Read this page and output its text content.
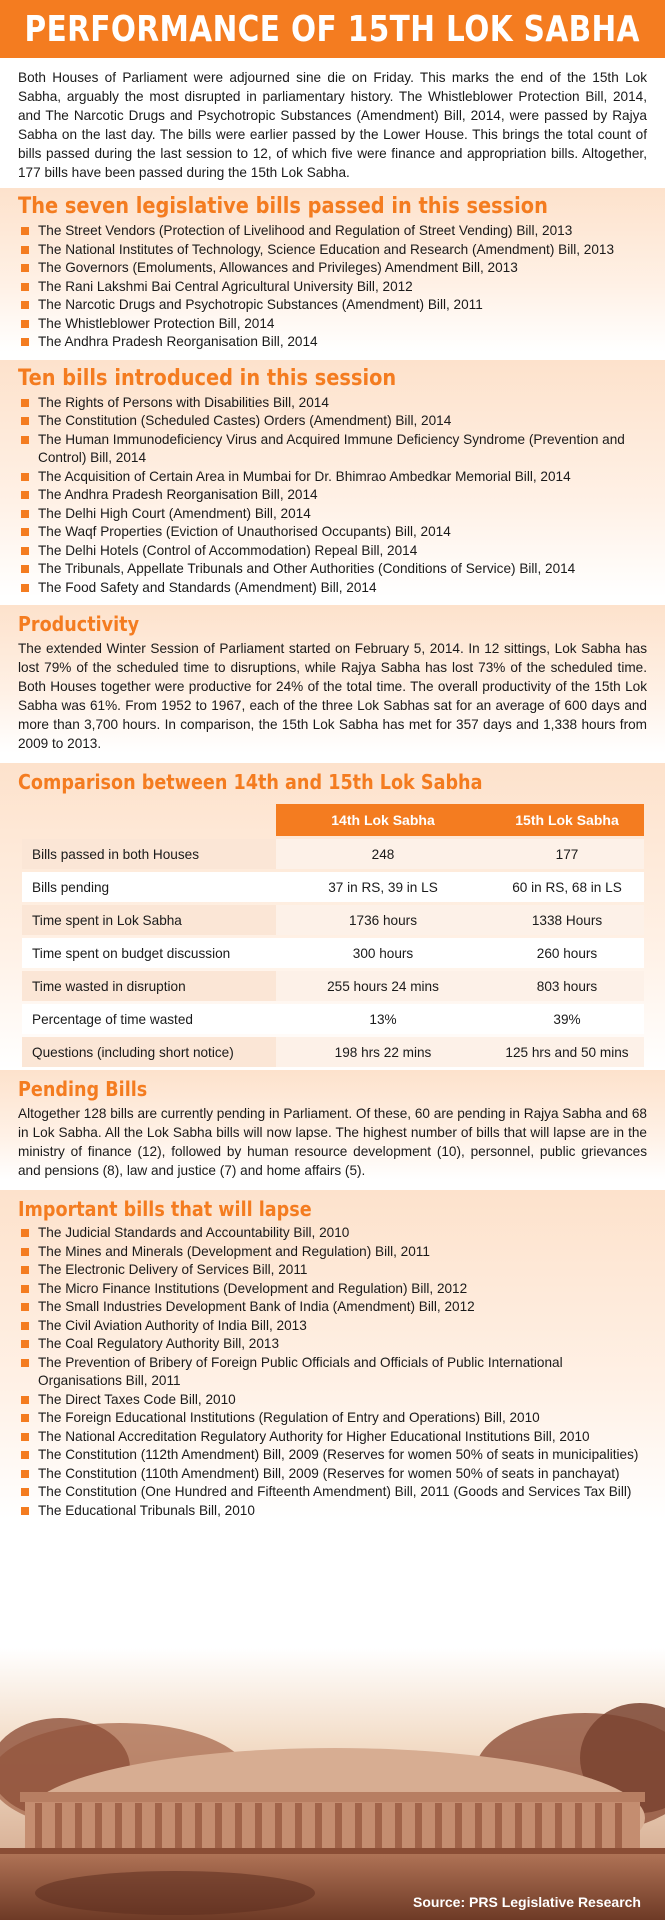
PERFORMANCE OF 15TH LOK SABHA

Both Houses of Parliament were adjourned sine die on Friday. This marks the end of the 15th Lok Sabha, arguably the most disrupted in parliamentary history. The Whistleblower Protection Bill, 2014, and The Narcotic Drugs and Psychotropic Substances (Amendment) Bill, 2014, were passed by Rajya Sabha on the last day. The bills were earlier passed by the Lower House. This brings the total count of bills passed during the last session to 12, of which five were finance and appropriation bills. Altogether, 177 bills have been passed during the 15th Lok Sabha.

The seven legislative bills passed in this session
The Street Vendors (Protection of Livelihood and Regulation of Street Vending) Bill, 2013
The National Institutes of Technology, Science Education and Research (Amendment) Bill, 2013
The Governors (Emoluments, Allowances and Privileges) Amendment Bill, 2013
The Rani Lakshmi Bai Central Agricultural University Bill, 2012
The Narcotic Drugs and Psychotropic Substances (Amendment) Bill, 2011
The Whistleblower Protection Bill, 2014
The Andhra Pradesh Reorganisation Bill, 2014
Ten bills introduced in this session
The Rights of Persons with Disabilities Bill, 2014
The Constitution (Scheduled Castes) Orders (Amendment) Bill, 2014
The Human Immunodeficiency Virus and Acquired Immune Deficiency Syndrome (Prevention and Control) Bill, 2014
The Acquisition of Certain Area in Mumbai for Dr. Bhimrao Ambedkar Memorial Bill, 2014
The Andhra Pradesh Reorganisation Bill, 2014
The Delhi High Court (Amendment) Bill, 2014
The Waqf Properties (Eviction of Unauthorised Occupants) Bill, 2014
The Delhi Hotels (Control of Accommodation) Repeal Bill, 2014
The Tribunals, Appellate Tribunals and Other Authorities (Conditions of Service) Bill, 2014
The Food Safety and Standards (Amendment) Bill, 2014
Productivity

The extended Winter Session of Parliament started on February 5, 2014. In 12 sittings, Lok Sabha has lost 79% of the scheduled time to disruptions, while Rajya Sabha has lost 73% of the scheduled time. Both Houses together were productive for 24% of the total time. The overall productivity of the 15th Lok Sabha was 61%. From 1952 to 1967, each of the three Lok Sabhas sat for an average of 600 days and more than 3,700 hours. In comparison, the 15th Lok Sabha has met for 357 days and 1,338 hours from 2009 to 2013.

Comparison between 14th and 15th Lok Sabha
	14th Lok Sabha	15th Lok Sabha
Bills passed in both Houses	248	177
Bills pending	37 in RS, 39 in LS	60 in RS, 68 in LS
Time spent in Lok Sabha	1736 hours	1338 Hours
Time spent on budget discussion	300 hours	260 hours
Time wasted in disruption	255 hours 24 mins	803 hours
Percentage of time wasted	13%	39%
Questions (including short notice)	198 hrs 22 mins	125 hrs and 50 mins
Pending Bills

Altogether 128 bills are currently pending in Parliament. Of these, 60 are pending in Rajya Sabha and 68 in Lok Sabha. All the Lok Sabha bills will now lapse. The highest number of bills that will lapse are in the ministry of finance (12), followed by human resource development (10), personnel, public grievances and pensions (8), law and justice (7) and home affairs (5).

Important bills that will lapse
The Judicial Standards and Accountability Bill, 2010
The Mines and Minerals (Development and Regulation) Bill, 2011
The Electronic Delivery of Services Bill, 2011
The Micro Finance Institutions (Development and Regulation) Bill, 2012
The Small Industries Development Bank of India (Amendment) Bill, 2012
The Civil Aviation Authority of India Bill, 2013
The Coal Regulatory Authority Bill, 2013
The Prevention of Bribery of Foreign Public Officials and Officials of Public International Organisations Bill, 2011
The Direct Taxes Code Bill, 2010
The Foreign Educational Institutions (Regulation of Entry and Operations) Bill, 2010
The National Accreditation Regulatory Authority for Higher Educational Institutions Bill, 2010
The Constitution (112th Amendment) Bill, 2009 (Reserves for women 50% of seats in municipalities)
The Constitution (110th Amendment) Bill, 2009 (Reserves for women 50% of seats in panchayat)
The Constitution (One Hundred and Fifteenth Amendment) Bill, 2011 (Goods and Services Tax Bill)
The Educational Tribunals Bill, 2010
Source: PRS Legislative Research
